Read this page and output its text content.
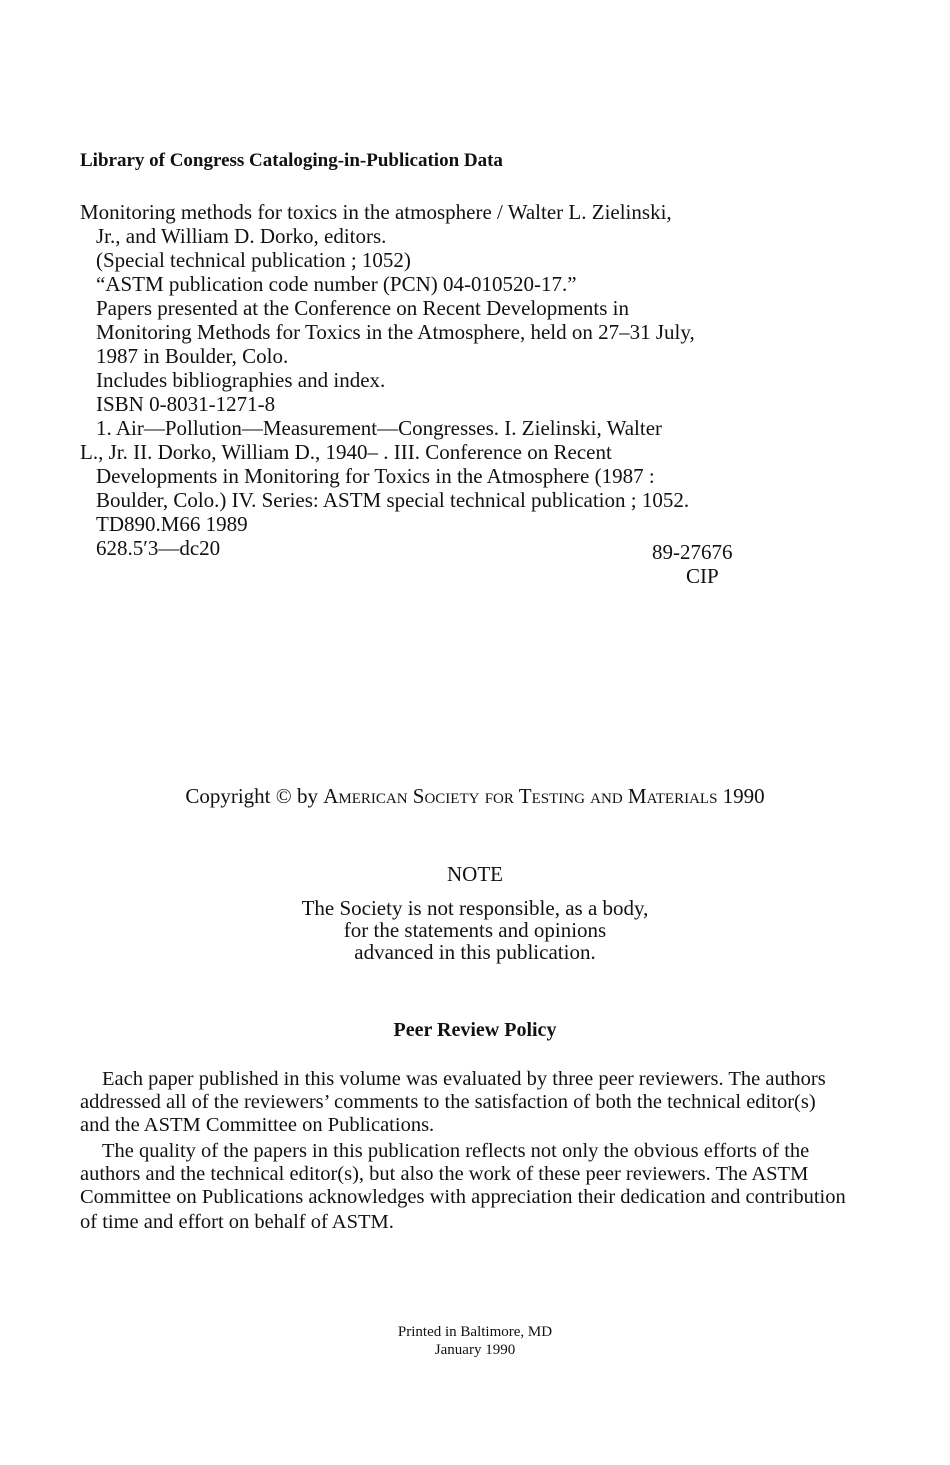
Library of Congress Cataloging-in-Publication Data
Monitoring methods for toxics in the atmosphere / Walter L. Zielinski,
Jr., and William D. Dorko, editors.
(Special technical publication ; 1052)
“ASTM publication code number (PCN) 04-010520-17.”
Papers presented at the Conference on Recent Developments in
Monitoring Methods for Toxics in the Atmosphere, held on 27–31 July,
1987 in Boulder, Colo.
Includes bibliographies and index.
ISBN 0-8031-1271-8
1. Air—Pollution—Measurement—Congresses. I. Zielinski, Walter
L., Jr. II. Dorko, William D., 1940– . III. Conference on Recent
Developments in Monitoring for Toxics in the Atmosphere (1987 :
Boulder, Colo.) IV. Series: ASTM special technical publication ; 1052.
TD890.M66 1989
628.5′3—dc20	89-27676
CIP
Copyright © by American Society for Testing and Materials 1990
NOTE
The Society is not responsible, as a body,
for the statements and opinions
advanced in this publication.
Peer Review Policy
Each paper published in this volume was evaluated by three peer reviewers. The authors
addressed all of the reviewers’ comments to the satisfaction of both the technical editor(s)
and the ASTM Committee on Publications.
The quality of the papers in this publication reflects not only the obvious efforts of the
authors and the technical editor(s), but also the work of these peer reviewers. The ASTM
Committee on Publications acknowledges with appreciation their dedication and contribution
of time and effort on behalf of ASTM.
Printed in Baltimore, MD
January 1990
